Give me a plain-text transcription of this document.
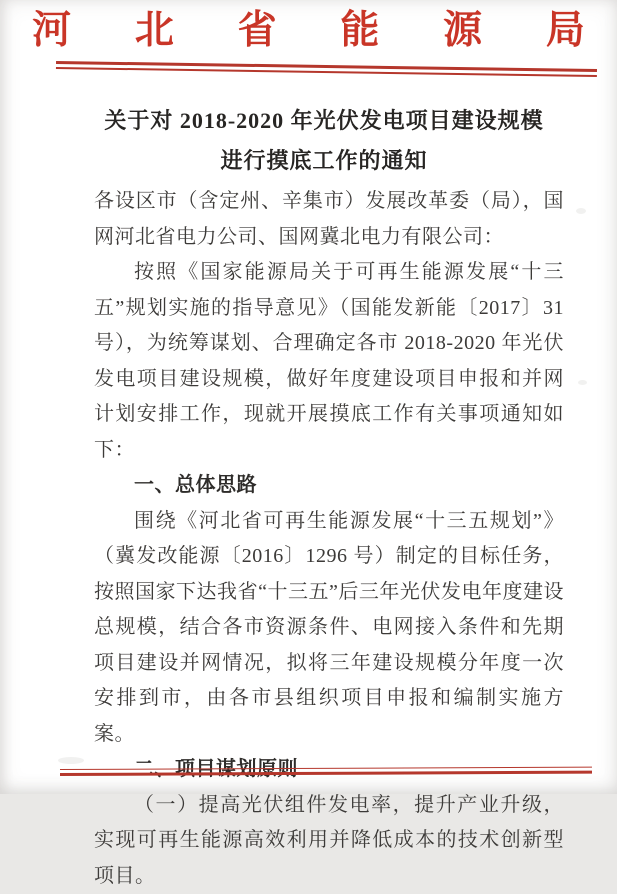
河 北 省 能 源 局
关于对 2018-2020 年光伏发电项目建设规模
进行摸底工作的通知
各设区市（含定州、辛集市）发展改革委（局），国网河北省电力公司、国网冀北电力有限公司：
按照《国家能源局关于可再生能源发展“十三五”规划实施的指导意见》（国能发新能〔2017〕31 号），为统筹谋划、合理确定各市 2018-2020 年光伏发电项目建设规模，做好年度建设项目申报和并网计划安排工作，现就开展摸底工作有关事项通知如下：
一、总体思路
围绕《河北省可再生能源发展“十三五规划”》（冀发改能源〔2016〕1296 号）制定的目标任务，按照国家下达我省“十三五”后三年光伏发电年度建设总规模，结合各市资源条件、电网接入条件和先期项目建设并网情况，拟将三年建设规模分年度一次安排到市，由各市县组织项目申报和编制实施方案。
二、项目谋划原则
（一）提高光伏组件发电率，提升产业升级，实现可再生能源高效利用并降低成本的技术创新型项目。
